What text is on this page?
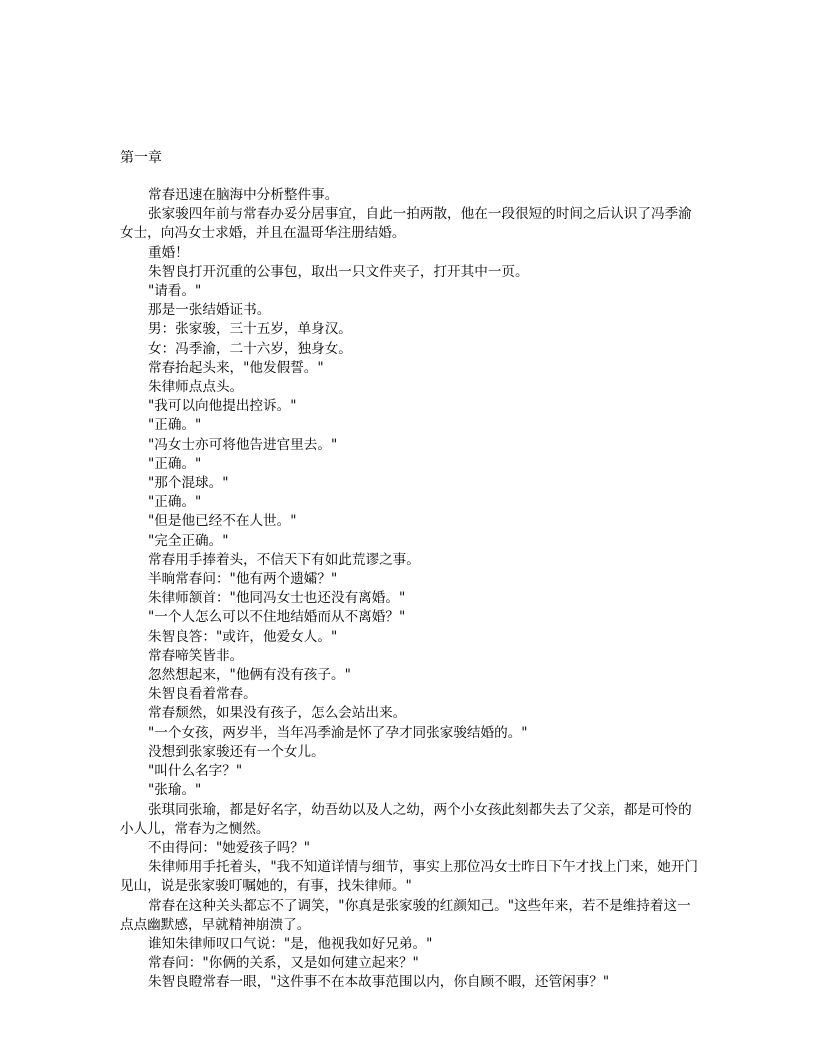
第一章

常春迅速在脑海中分析整件事。

张家骏四年前与常春办妥分居事宜，自此一拍两散，他在一段很短的时间之后认识了冯季渝女士，向冯女士求婚，并且在温哥华注册结婚。

重婚！

朱智良打开沉重的公事包，取出一只文件夹子，打开其中一页。

"请看。"

那是一张结婚证书。

男：张家骏，三十五岁，单身汉。

女：冯季渝，二十六岁，独身女。

常春抬起头来，"他发假誓。"

朱律师点点头。

"我可以向他提出控诉。"

"正确。"

"冯女士亦可将他告进官里去。"

"正确。"

"那个混球。"

"正确。"

"但是他已经不在人世。"

"完全正确。"

常春用手捧着头，不信天下有如此荒谬之事。

半晌常春问："他有两个遗孀？"

朱律师颔首："他同冯女士也还没有离婚。"

"一个人怎么可以不住地结婚而从不离婚？"

朱智良答："或许，他爱女人。"

常春啼笑皆非。

忽然想起来，"他俩有没有孩子。"

朱智良看着常春。

常春颓然，如果没有孩子，怎么会站出来。

"一个女孩，两岁半，当年冯季渝是怀了孕才同张家骏结婚的。"

没想到张家骏还有一个女儿。

"叫什么名字？"

"张瑜。"

张琪同张瑜，都是好名字，幼吾幼以及人之幼，两个小女孩此刻都失去了父亲，都是可怜的小人儿，常春为之恻然。

不由得问："她爱孩子吗？"

朱律师用手托着头，"我不知道详情与细节，事实上那位冯女士昨日下午才找上门来，她开门见山，说是张家骏叮嘱她的，有事，找朱律师。"

常春在这种关头都忘不了调笑，"你真是张家骏的红颜知己。"这些年来，若不是维持着这一点点幽默感，早就精神崩溃了。

谁知朱律师叹口气说："是，他视我如好兄弟。"

常春问："你俩的关系，又是如何建立起来？"

朱智良瞪常春一眼，"这件事不在本故事范围以内，你自顾不暇，还管闲事？"
